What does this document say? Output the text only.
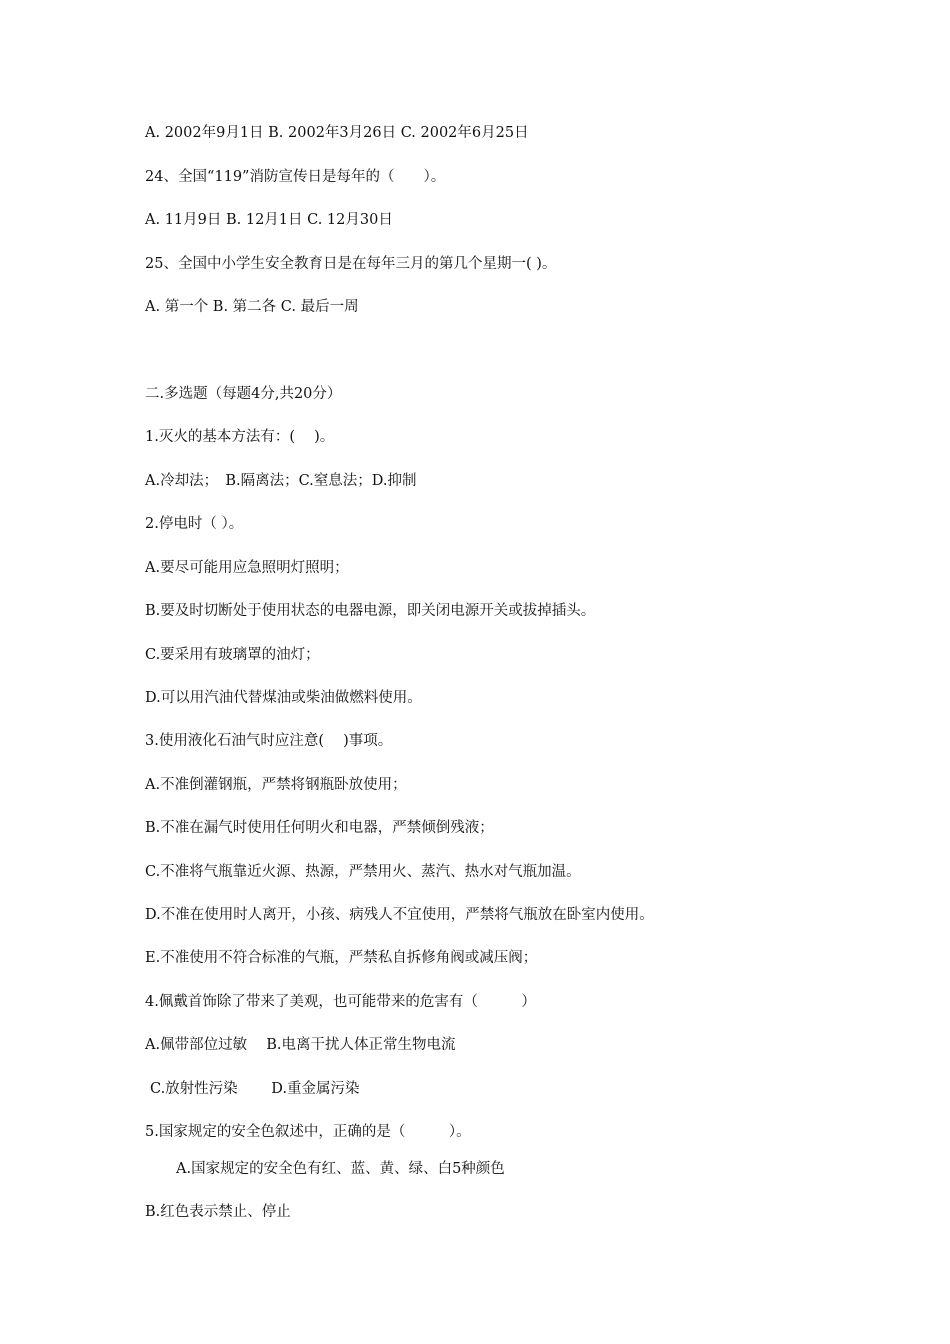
A. 2002年9月1日 B. 2002年3月26日 C. 2002年6月25日
24、全国“119”消防宣传日是每年的（　　）。
A. 11月9日 B. 12月1日 C. 12月30日
25、全国中小学生安全教育日是在每年三月的第几个星期一( )。
A. 第一个 B. 第二各 C. 最后一周
二.多选题（每题4分,共20分）
1.灭火的基本方法有：(　 )。
A.冷却法；　B.隔离法；C.窒息法；D.抑制
2.停电时（ ）。
A.要尽可能用应急照明灯照明；
B.要及时切断处于使用状态的电器电源，即关闭电源开关或拔掉插头。
C.要采用有玻璃罩的油灯；
D.可以用汽油代替煤油或柴油做燃料使用。
3.使用液化石油气时应注意(　 )事项。
A.不准倒灌钢瓶，严禁将钢瓶卧放使用；
B.不准在漏气时使用任何明火和电器，严禁倾倒残液；
C.不准将气瓶靠近火源、热源，严禁用火、蒸汽、热水对气瓶加温。
D.不准在使用时人离开，小孩、病残人不宜使用，严禁将气瓶放在卧室内使用。
E.不准使用不符合标准的气瓶，严禁私自拆修角阀或减压阀；
4.佩戴首饰除了带来了美观，也可能带来的危害有（　　　）
A.佩带部位过敏　 B.电离干扰人体正常生物电流
C.放射性污染　　 D.重金属污染
5.国家规定的安全色叙述中，正确的是（　　　）。
A.国家规定的安全色有红、蓝、黄、绿、白5种颜色
B.红色表示禁止、停止
